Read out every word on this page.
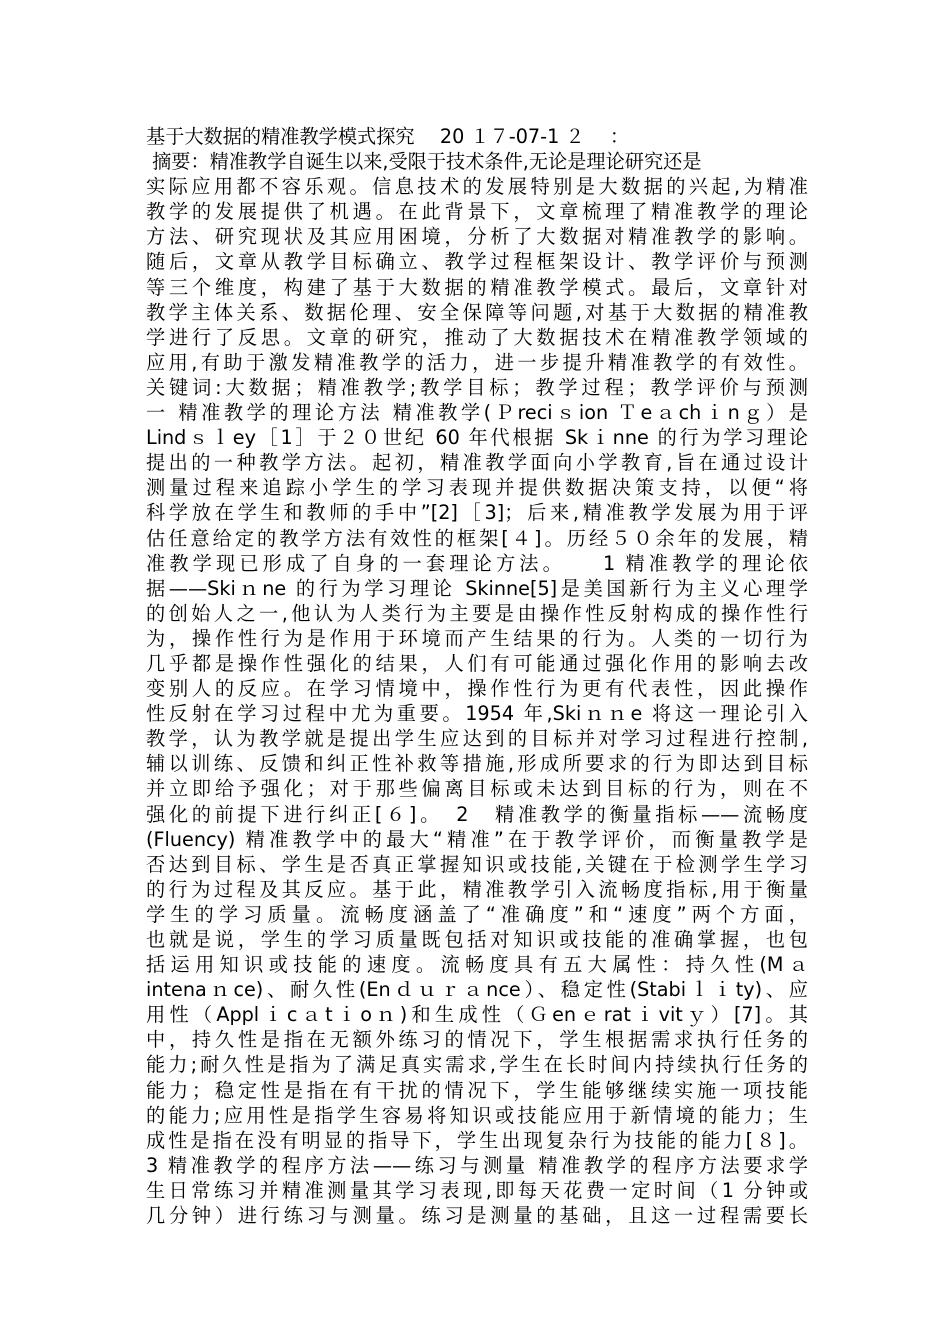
基于大数据的精准教学模式探究　 20 １７-07-1 ２　 ：
摘要：精准教学自诞生以来,受限于技术条件,无论是理论研究还是
实际应用都不容乐观。信息技术的发展特别是大数据的兴起,为精准
教学的发展提供了机遇。在此背景下，文章梳理了精准教学的理论
方法、研究现状及其应用困境，分析了大数据对精准教学的影响。
随后，文章从教学目标确立、教学过程框架设计、教学评价与预测
等三个维度，构建了基于大数据的精准教学模式。最后，文章针对
教学主体关系、数据伦理、安全保障等问题,对基于大数据的精准教
学进行了反思。文章的研究，推动了大数据技术在精准教学领域的
应用,有助于激发精准教学的活力，进一步提升精准教学的有效性。
关键词:大数据；精准教学;教学目标；教学过程；教学评价与预测
一 精准教学的理论方法 精准教学(Ｐreciｓion Ｔeａchｉnｇ）是
Lindｓｌey［1］于２０世纪 60 年代根据 Skｉnne 的行为学习理论
提出的一种教学方法。起初，精准教学面向小学教育,旨在通过设计
测量过程来追踪小学生的学习表现并提供数据决策支持，以便“将
科学放在学生和教师的手中”[2]［3]；后来,精准教学发展为用于评
估任意给定的教学方法有效性的框架[４]。历经５０余年的发展，精
准教学现已形成了自身的一套理论方法。　　1 精准教学的理论依
据——Skiｎne 的行为学习理论 Skinne[5]是美国新行为主义心理学
的创始人之一,他认为人类行为主要是由操作性反射构成的操作性行
为，操作性行为是作用于环境而产生结果的行为。人类的一切行为
几乎都是操作性强化的结果，人们有可能通过强化作用的影响去改
变别人的反应。在学习情境中，操作性行为更有代表性，因此操作
性反射在学习过程中尤为重要。1954 年,Skiｎｎe 将这一理论引入
教学，认为教学就是提出学生应达到的目标并对学习过程进行控制,
辅以训练、反馈和纠正性补救等措施,形成所要求的行为即达到目标
并立即给予强化；对于那些偏离目标或未达到目标的行为，则在不
强化的前提下进行纠正[６]。　2　精准教学的衡量指标——流畅度
(Fluency) 精准教学中的最大“精准”在于教学评价，而衡量教学是
否达到目标、学生是否真正掌握知识或技能,关键在于检测学生学习
的行为过程及其反应。基于此，精准教学引入流畅度指标,用于衡量
学生的学习质量。流畅度涵盖了“准确度”和“速度”两个方面，
也就是说，学生的学习质量既包括对知识或技能的准确掌握，也包
括运用知识或技能的速度。流畅度具有五大属性：持久性(Mａ
intenaｎce)、耐久性(Enｄｕｒａnce）、稳定性(Stabiｌｉty)、应
用性（Applｉcａtｉoｎ)和生成性（Ｇenｅratｉvitｙ）[7]。其
中，持久性是指在无额外练习的情况下，学生根据需求执行任务的
能力;耐久性是指为了满足真实需求,学生在长时间内持续执行任务的
能力；稳定性是指在有干扰的情况下，学生能够继续实施一项技能
的能力;应用性是指学生容易将知识或技能应用于新情境的能力；生
成性是指在没有明显的指导下，学生出现复杂行为技能的能力[８]。
3 精准教学的程序方法——练习与测量 精准教学的程序方法要求学
生日常练习并精准测量其学习表现,即每天花费一定时间（1 分钟或
几分钟）进行练习与测量。练习是测量的基础，且这一过程需要长
